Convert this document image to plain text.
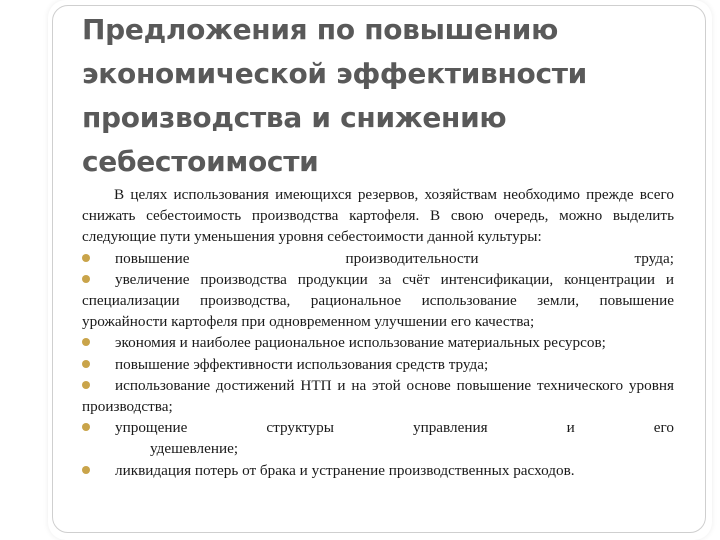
Предложения по повышению
экономической эффективности
производства и снижению
себестоимости

В целях использования имеющихся резервов, хозяйствам необходимо прежде всего снижать себестоимость производства картофеля. В свою очередь, можно выделить следующие пути уменьшения уровня себестоимости данной культуры:

повышение производительности труда;
увеличение производства продукции за счёт интенсификации, концентрации и специализации производства, рациональное использование земли, повышение урожайности картофеля при одновременном улучшении его качества;
экономия и наиболее рациональное использование материальных ресурсов;
повышение эффективности использования средств труда;
использование достижений НТП и на этой основе повышение технического уровня производства;
упрощение структуры управления и его
удешевление;
ликвидация потерь от брака и устранение производственных расходов.
